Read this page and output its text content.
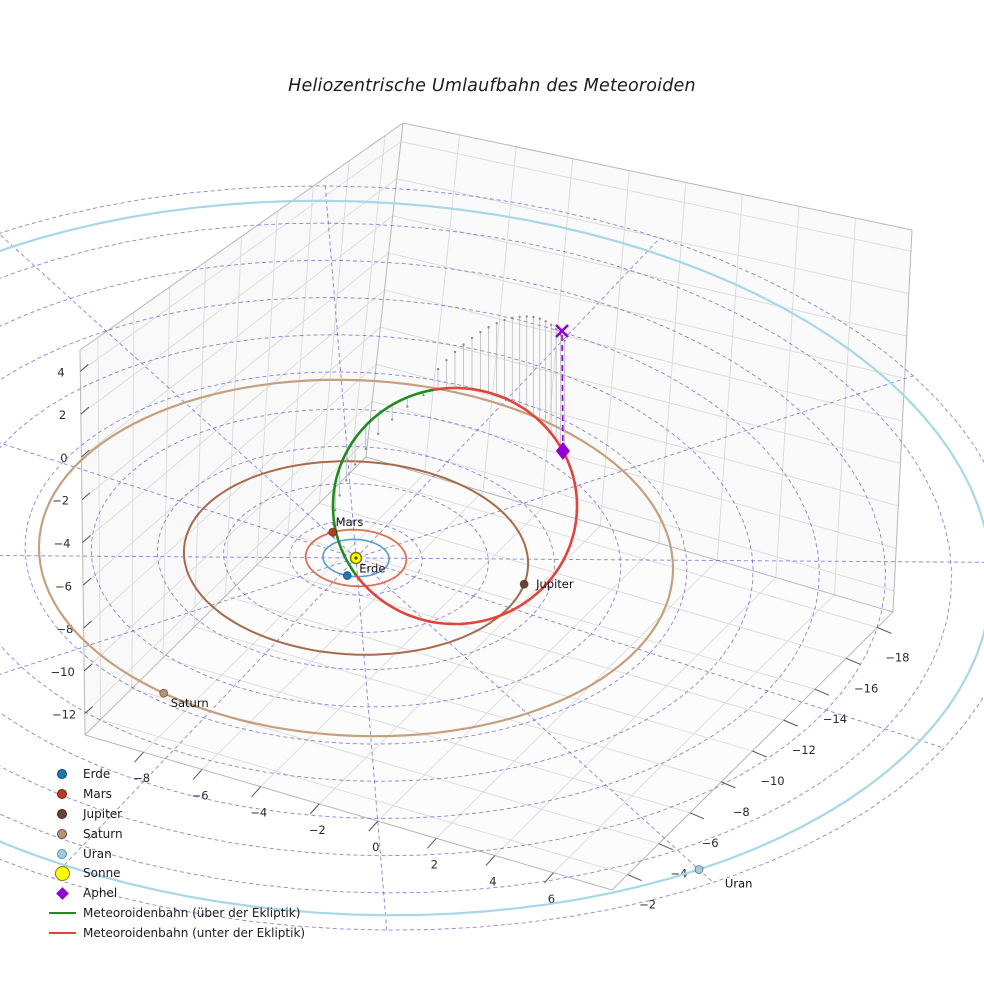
−8
−6
−4
−2
0
2
4
6
−18
−16
−14
−12
−10
−8
−6
−4
−2
−12
−10
−8
−6
−4
−2
0
2
4
Erde
Mars
Jupiter
Saturn
Uran
Heliozentrische Umlaufbahn des Meteoroiden
Erde
Mars
Jupiter
Saturn
Uran
Sonne
Aphel
Meteoroidenbahn (über der Ekliptik)
Meteoroidenbahn (unter der Ekliptik)
